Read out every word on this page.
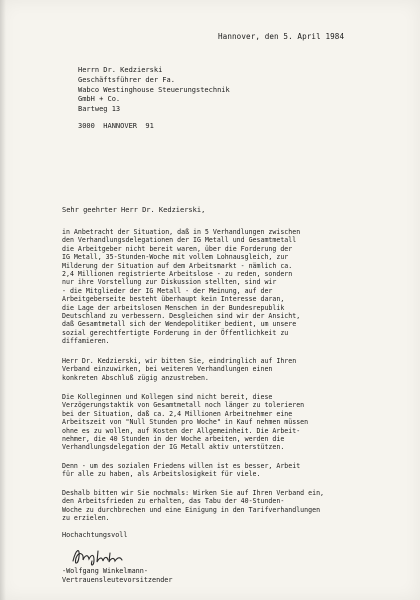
Hannover, den 5. April 1984
Herrn Dr. Kedzierski
Geschäftsführer der Fa.
Wabco Westinghouse Steuerungstechnik
GmbH + Co.
Bartweg 13

3000  HANNOVER  91
Sehr geehrter Herr Dr. Kedzierski,
in Anbetracht der Situation, daß in 5 Verhandlungen zwischen
den Verhandlungsdelegationen der IG Metall und Gesamtmetall
die Arbeitgeber nicht bereit waren, über die Forderung der
IG Metall, 35-Stunden-Woche mit vollem Lohnausgleich, zur
Milderung der Situation auf dem Arbeitsmarkt - nämlich ca.
2,4 Millionen registrierte Arbeitslose - zu reden, sondern
nur ihre Vorstellung zur Diskussion stellten, sind wir
- die Mitglieder der IG Metall - der Meinung, auf der
Arbeitgeberseite besteht überhaupt kein Interesse daran,
die Lage der arbeitslosen Menschen in der Bundesrepublik
Deutschland zu verbessern. Desgleichen sind wir der Ansicht,
daß Gesamtmetall sich der Wendepolitiker bedient, um unsere
sozial gerechtfertigte Forderung in der Öffentlichkeit zu
diffamieren.
Herr Dr. Kedzierski, wir bitten Sie, eindringlich auf Ihren
Verband einzuwirken, bei weiteren Verhandlungen einen
konkreten Abschluß zügig anzustreben.
Die Kolleginnen und Kollegen sind nicht bereit, diese
Verzögerungstaktik von Gesamtmetall noch länger zu tolerieren
bei der Situation, daß ca. 2,4 Millionen Arbeitnehmer eine
Arbeitszeit von "Null Stunden pro Woche" in Kauf nehmen müssen
ohne es zu wollen, auf Kosten der Allgemeinheit. Die Arbeit-
nehmer, die 40 Stunden in der Woche arbeiten, werden die
Verhandlungsdelegation der IG Metall aktiv unterstützen.
Denn - um des sozialen Friedens willen ist es besser, Arbeit
für alle zu haben, als Arbeitslosigkeit für viele.
Deshalb bitten wir Sie nochmals: Wirken Sie auf Ihren Verband ein,
den Arbeitsfrieden zu erhalten, das Tabu der 40-Stunden-
Woche zu durchbrechen und eine Einigung in den Tarifverhandlungen
zu erzielen.
Hochachtungsvoll
-Wolfgang Winkelmann-
Vertrauensleutevorsitzender
